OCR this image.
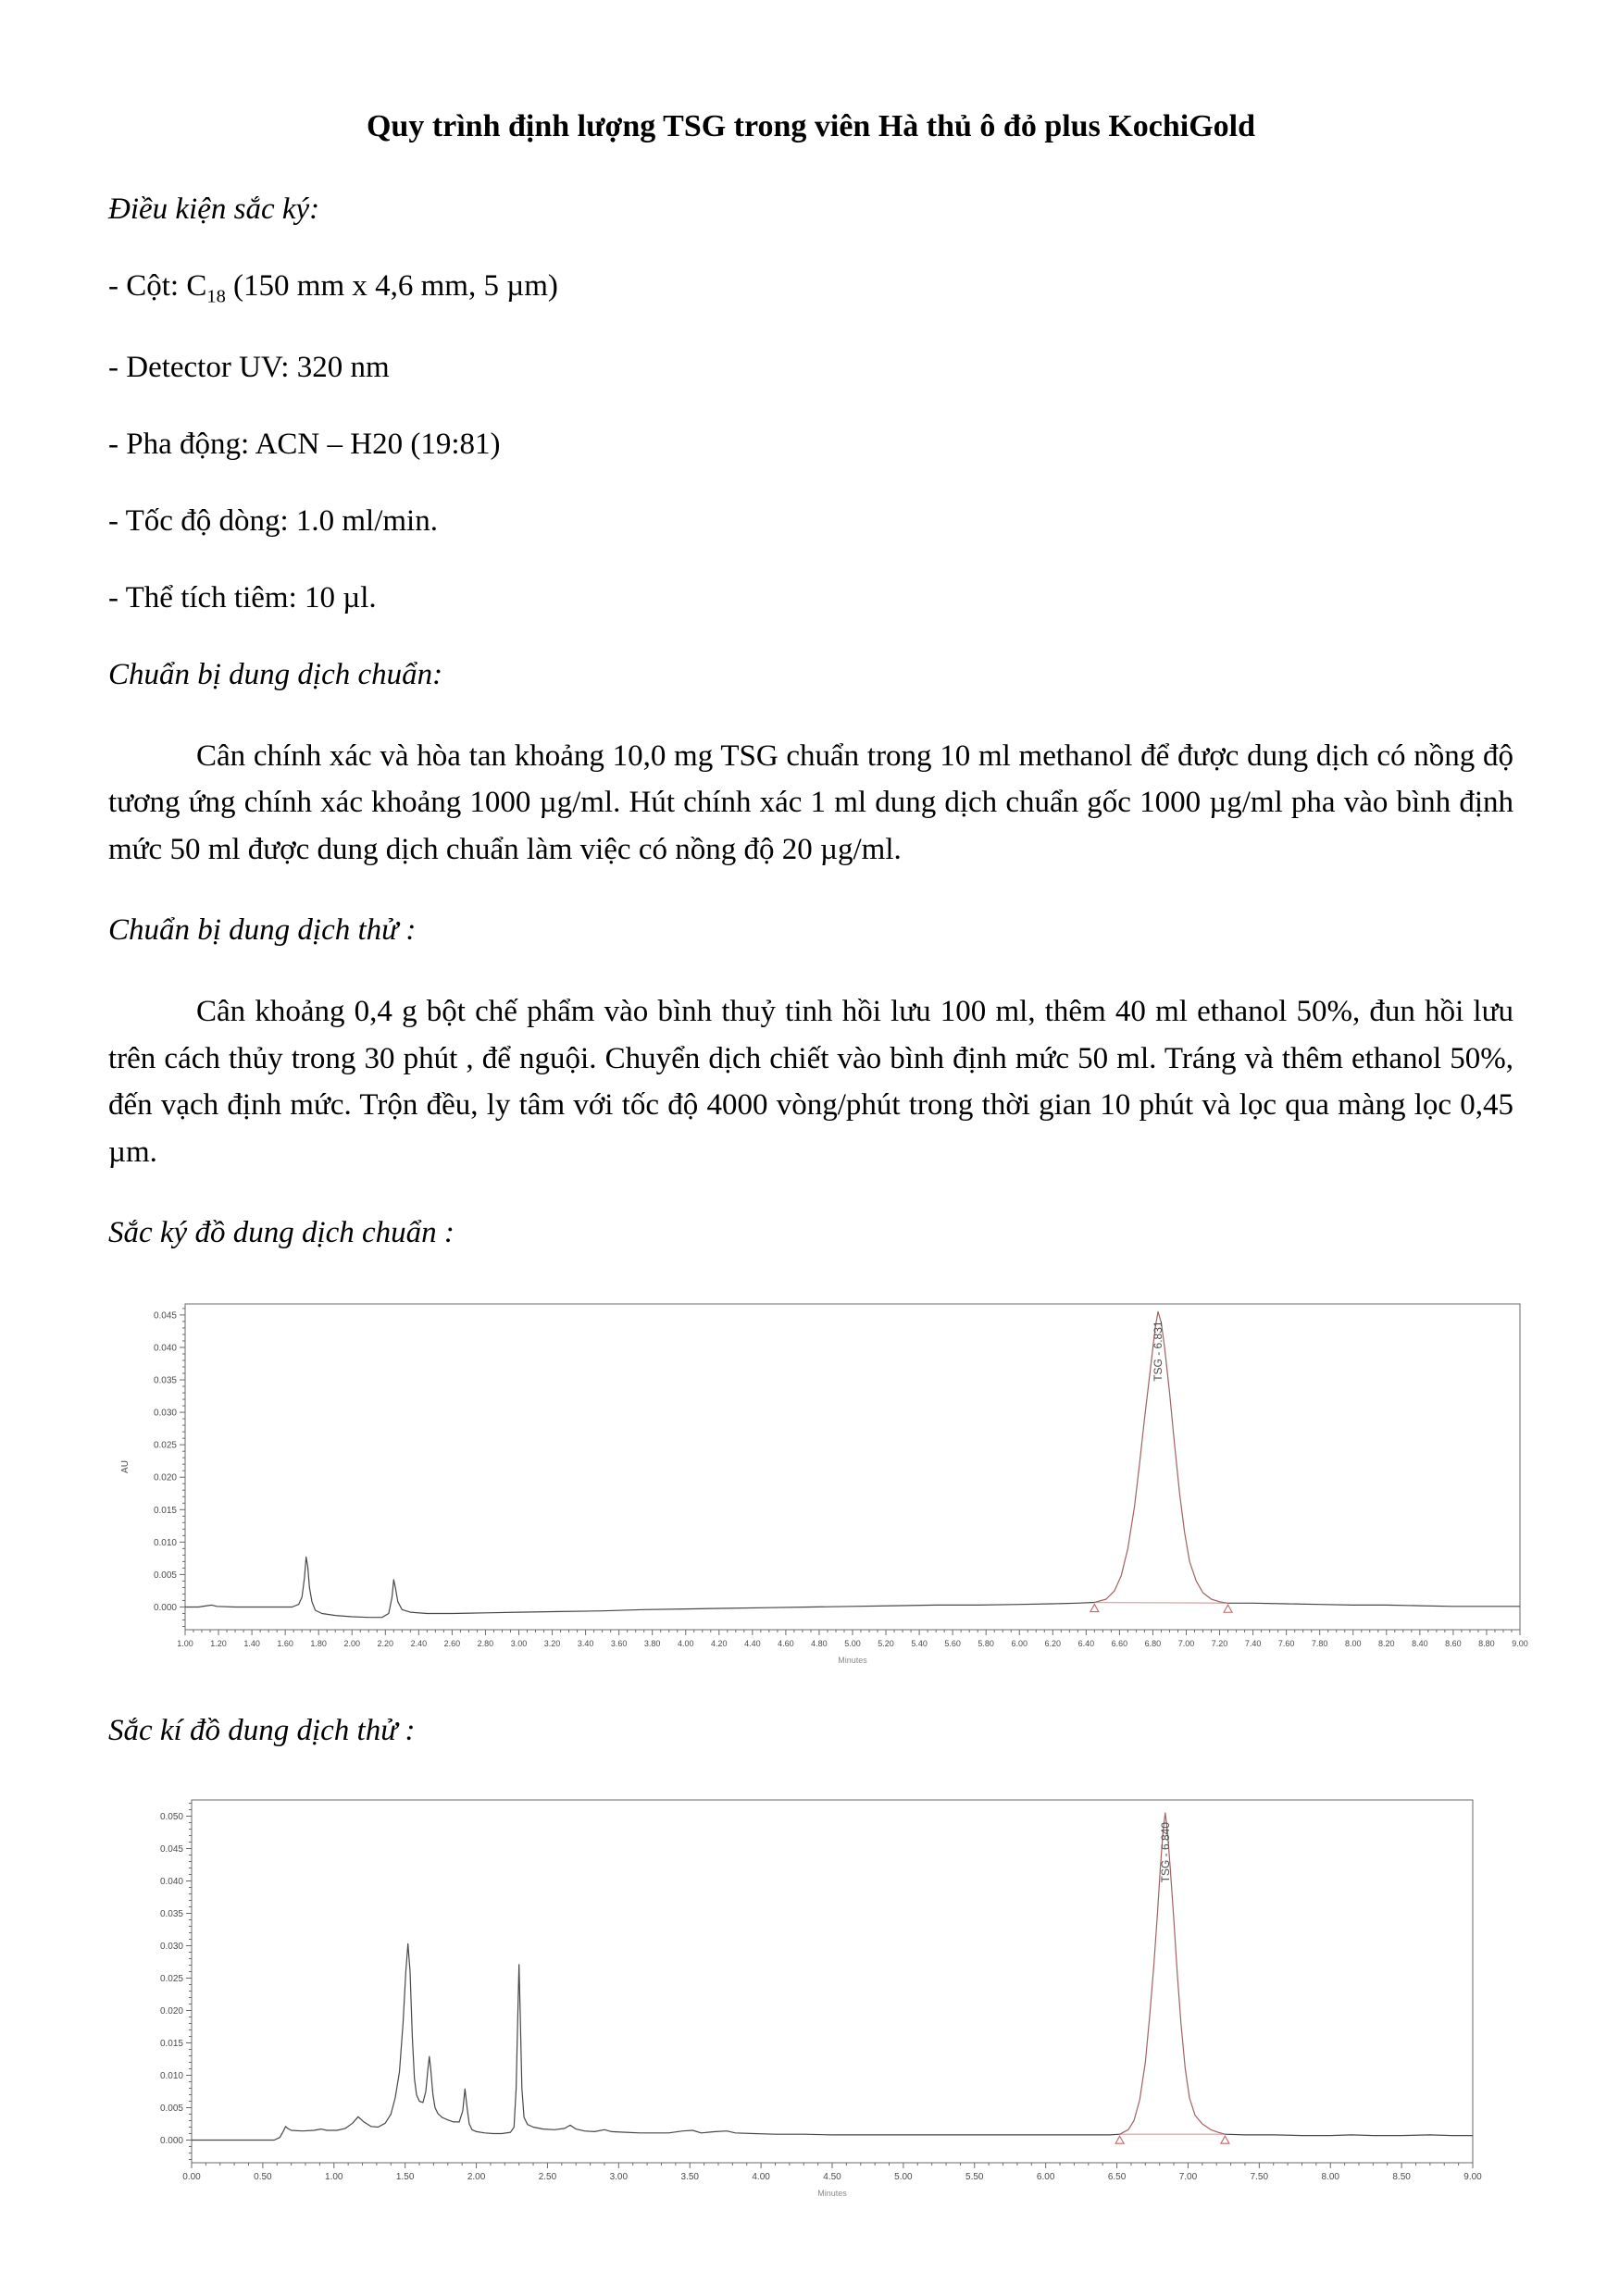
Quy trình định lượng TSG trong viên Hà thủ ô đỏ plus KochiGold
Điều kiện sắc ký:
- Cột: $C_{18}$ (150 mm x 4,6 mm, 5 µm)
- Detector UV: 320 nm
- Pha động: ACN – H20 (19:81)
- Tốc độ dòng: 1.0 ml/min.
- Thể tích tiêm: 10 µl.
Chuẩn bị dung dịch chuẩn:

Cân chính xác và hòa tan khoảng 10,0 mg TSG chuẩn trong 10 ml methanol để được dung dịch có nồng độ tương ứng chính xác khoảng 1000 µg/ml. Hút chính xác 1 ml dung dịch chuẩn gốc 1000 µg/ml pha vào bình định mức 50 ml được dung dịch chuẩn làm việc có nồng độ 20 µg/ml.

Chuẩn bị dung dịch thử :

Cân khoảng 0,4 g bột chế phẩm vào bình thuỷ tinh hồi lưu 100 ml, thêm 40 ml ethanol 50%, đun hồi lưu trên cách thủy trong 30 phút , để nguội. Chuyển dịch chiết vào bình định mức 50 ml. Tráng và thêm ethanol 50%, đến vạch định mức. Trộn đều, ly tâm với tốc độ 4000 vòng/phút trong thời gian 10 phút và lọc qua màng lọc 0,45 µm.

Sắc ký đồ dung dịch chuẩn :
0.000
0.005
0.010
0.015
0.020
0.025
0.030
0.035
0.040
0.045
1.00 1.20 1.40 1.60 1.80 2.00 2.20 2.40 2.60 2.80 3.00 3.20 3.40 3.60 3.80 4.00 4.20 4.40 4.60 4.80 5.00 5.20 5.40 5.60 5.80 6.00 6.20 6.40 6.60 6.80 7.00 7.20 7.40 7.60 7.80 8.00 8.20 8.40 8.60 8.80 9.00
AU
Minutes
TSG - 6.831
Sắc kí đồ dung dịch thử :
0.000
0.005
0.010
0.015
0.020
0.025
0.030
0.035
0.040
0.045
0.050
0.00	0.50	1.00	1.50	2.00	2.50	3.00	3.50	4.00	4.50	5.00	5.50	6.00	6.50	7.00	7.50	8.00	8.50	9.00
Minutes
TSG - 6.840
